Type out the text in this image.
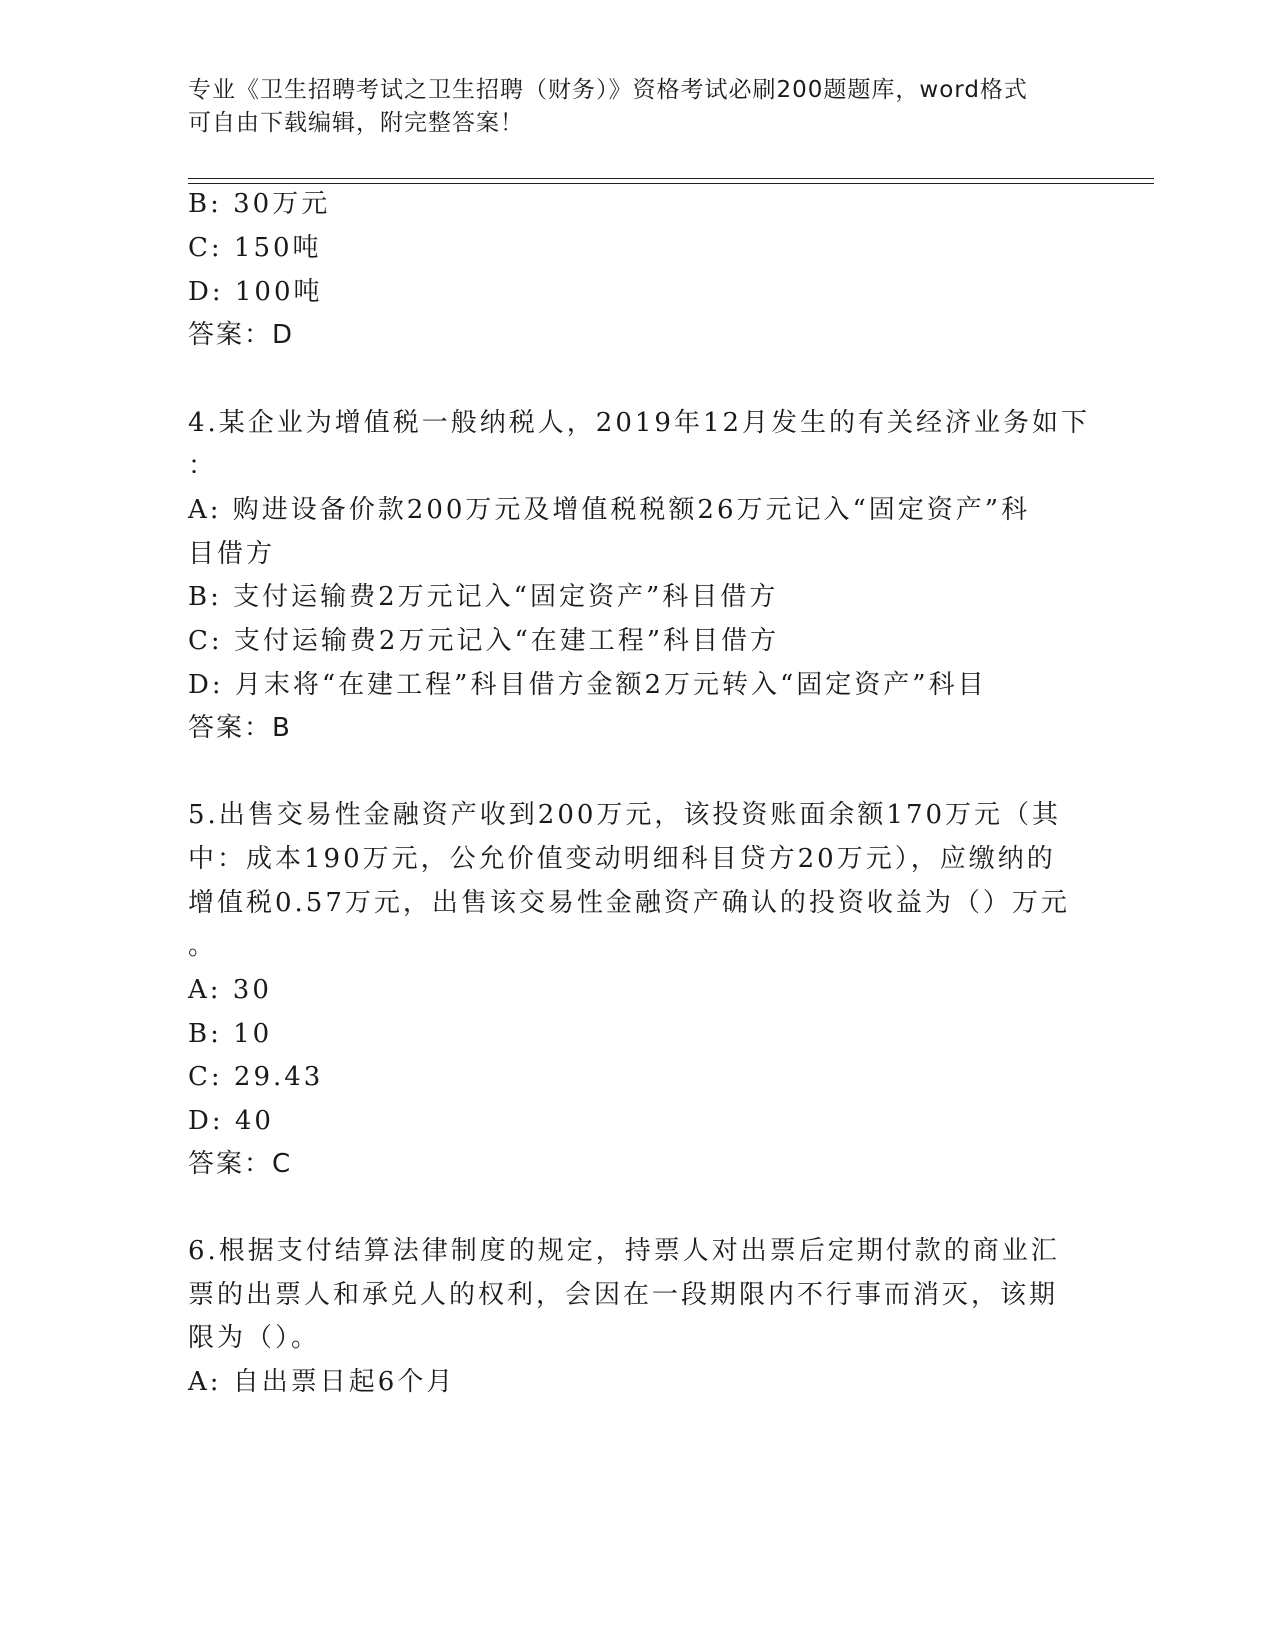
专业《卫生招聘考试之卫生招聘（财务）》资格考试必刷200题题库，word格式
可自由下载编辑，附完整答案！
B: 30万元
C: 150吨
D: 100吨
答案：D
4.某企业为增值税一般纳税人，2019年12月发生的有关经济业务如下
：
A: 购进设备价款200万元及增值税税额26万元记入“固定资产”科
目借方
B: 支付运输费2万元记入“固定资产”科目借方
C: 支付运输费2万元记入“在建工程”科目借方
D: 月末将“在建工程”科目借方金额2万元转入“固定资产”科目
答案：B
5.出售交易性金融资产收到200万元，该投资账面余额170万元（其
中：成本190万元，公允价值变动明细科目贷方20万元），应缴纳的
增值税0.57万元，出售该交易性金融资产确认的投资收益为（）万元
。
A: 30
B: 10
C: 29.43
D: 40
答案：C
6.根据支付结算法律制度的规定，持票人对出票后定期付款的商业汇
票的出票人和承兑人的权利，会因在一段期限内不行事而消灭，该期
限为（）。
A: 自出票日起6个月
